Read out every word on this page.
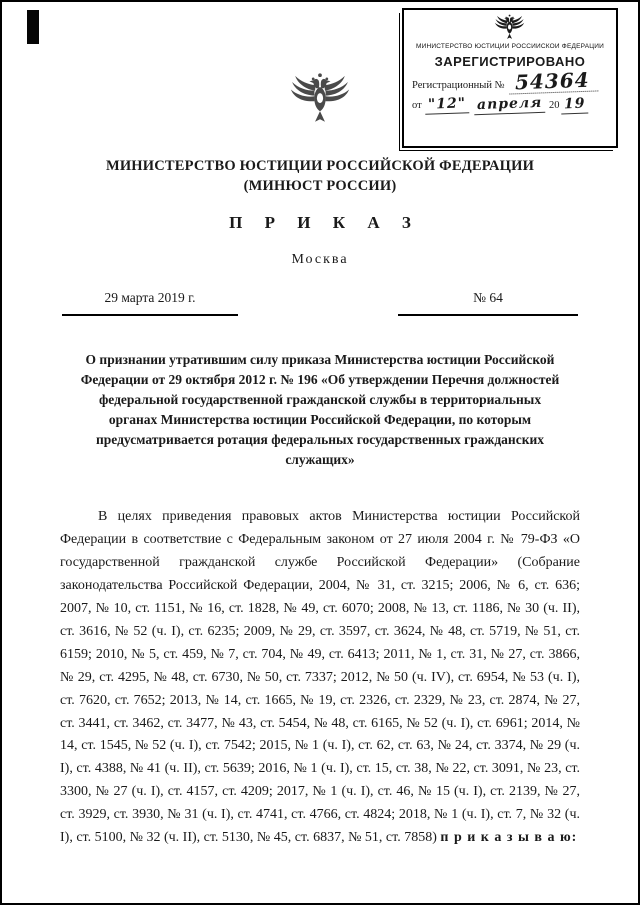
МИНИСТЕРСТВО ЮСТИЦИИ РОССИЙСКОЙ ФЕДЕРАЦИИ
ЗАРЕГИСТРИРОВАНО
Регистрационный № 54364
от "12" апреля 20 19
МИНИСТЕРСТВО ЮСТИЦИИ РОССИЙСКОЙ ФЕДЕРАЦИИ
(МИНЮСТ РОССИИ)
П Р И К А З
Москва
29 марта 2019 г.	№ 64
О признании утратившим силу приказа Министерства юстиции Российской Федерации от 29 октября 2012 г. № 196 «Об утверждении Перечня должностей федеральной государственной гражданской службы в территориальных органах Министерства юстиции Российской Федерации, по которым предусматривается ротация федеральных государственных гражданских служащих»

В целях приведения правовых актов Министерства юстиции Российской Федерации в соответствие с Федеральным законом от 27 июля 2004 г. № 79-ФЗ «О государственной гражданской службе Российской Федерации» (Собрание законодательства Российской Федерации, 2004, № 31, ст. 3215; 2006, № 6, ст. 636; 2007, № 10, ст. 1151, № 16, ст. 1828, № 49, ст. 6070; 2008, № 13, ст. 1186, № 30 (ч. II), ст. 3616, № 52 (ч. I), ст. 6235; 2009, № 29, ст. 3597, ст. 3624, № 48, ст. 5719, № 51, ст. 6159; 2010, № 5, ст. 459, № 7, ст. 704, № 49, ст. 6413; 2011, № 1, ст. 31, № 27, ст. 3866, № 29, ст. 4295, № 48, ст. 6730, № 50, ст. 7337; 2012, № 50 (ч. IV), ст. 6954, № 53 (ч. I), ст. 7620, ст. 7652; 2013, № 14, ст. 1665, № 19, ст. 2326, ст. 2329, № 23, ст. 2874, № 27, ст. 3441, ст. 3462, ст. 3477, № 43, ст. 5454, № 48, ст. 6165, № 52 (ч. I), ст. 6961; 2014, № 14, ст. 1545, № 52 (ч. I), ст. 7542; 2015, № 1 (ч. I), ст. 62, ст. 63, № 24, ст. 3374, № 29 (ч. I), ст. 4388, № 41 (ч. II), ст. 5639; 2016, № 1 (ч. I), ст. 15, ст. 38, № 22, ст. 3091, № 23, ст. 3300, № 27 (ч. I), ст. 4157, ст. 4209; 2017, № 1 (ч. I), ст. 46, № 15 (ч. I), ст. 2139, № 27, ст. 3929, ст. 3930, № 31 (ч. I), ст. 4741, ст. 4766, ст. 4824; 2018, № 1 (ч. I), ст. 7, № 32 (ч. I), ст. 5100, № 32 (ч. II), ст. 5130, № 45, ст. 6837, № 51, ст. 7858) п р и к а з ы в а ю:
